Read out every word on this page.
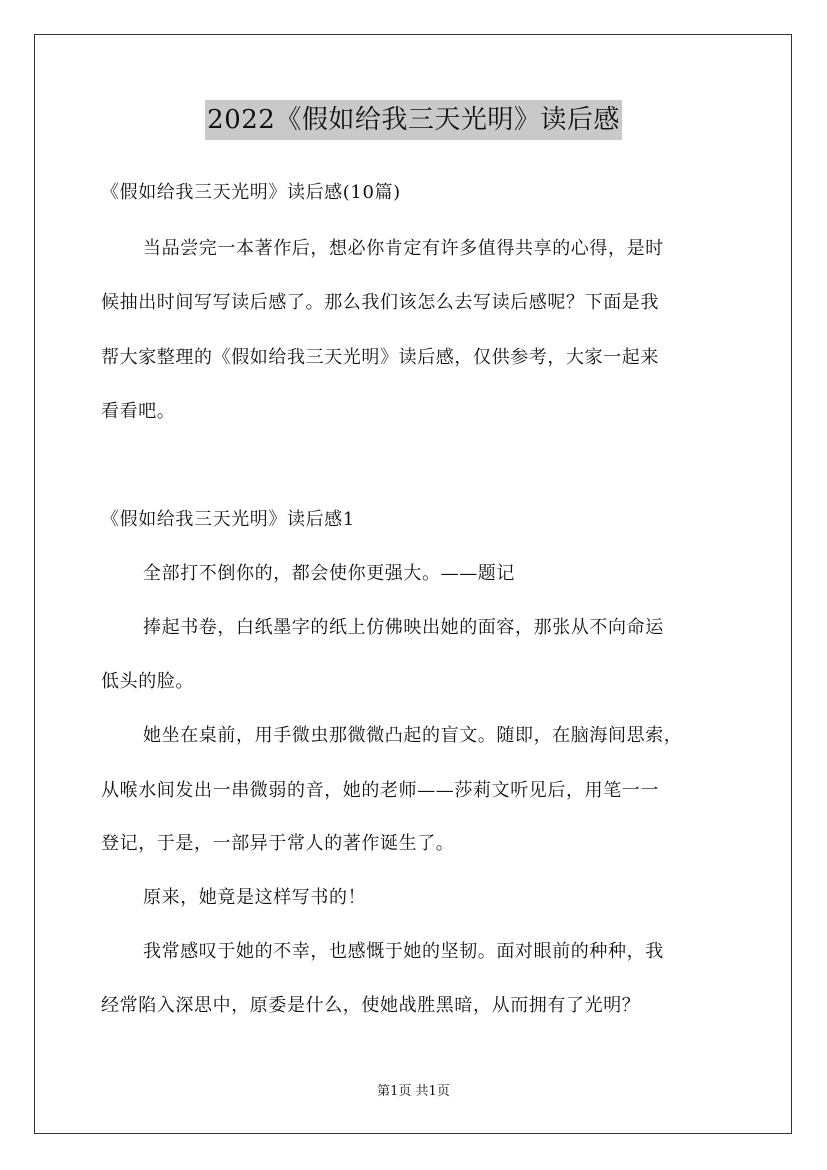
2022《假如给我三天光明》读后感
《假如给我三天光明》读后感(10篇)
当品尝完一本著作后，想必你肯定有许多值得共享的心得，是时
候抽出时间写写读后感了。那么我们该怎么去写读后感呢？下面是我
帮大家整理的《假如给我三天光明》读后感，仅供参考，大家一起来
看看吧。
《假如给我三天光明》读后感1
全部打不倒你的，都会使你更强大。——题记
捧起书卷，白纸墨字的纸上仿佛映出她的面容，那张从不向命运
低头的脸。
她坐在桌前，用手微虫那微微凸起的盲文。随即，在脑海间思索，
从喉水间发出一串微弱的音，她的老师——莎莉文听见后，用笔一一
登记，于是，一部异于常人的著作诞生了。
原来，她竟是这样写书的！
我常感叹于她的不幸，也感慨于她的坚韧。面对眼前的种种，我
经常陷入深思中，原委是什么，使她战胜黑暗，从而拥有了光明？
第1页 共1页
